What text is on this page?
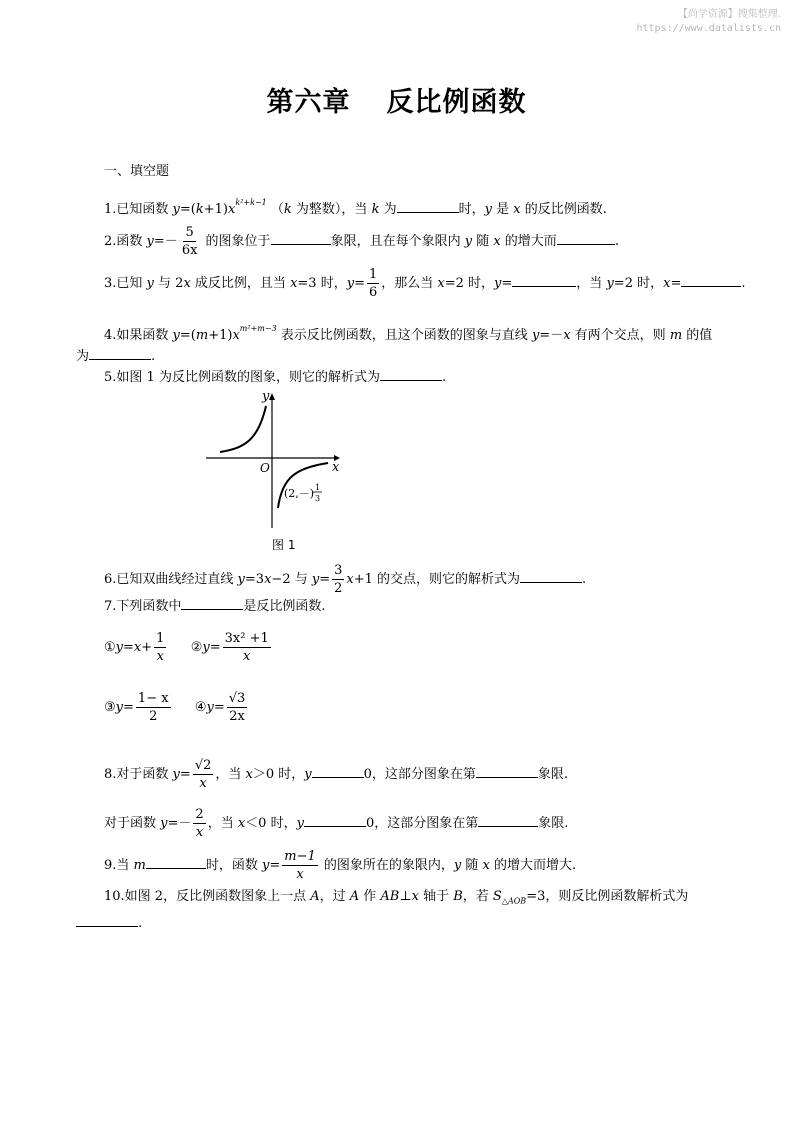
【尚学资源】搜集整理.
https://www.datalists.cn
第六章 反比例函数
一、填空题
1.已知函数 $y=(k+1)x^{k^2+k-1}$ （k 为整数），当 k 为	时，y 是 x 的反比例函数.
2.函数 $y=- \frac{5}{6x}$ 的图象位于	象限，且在每个象限内 y 随 x 的增大而	.
3.已知 y 与 2x 成反比例，且当 x=3 时，$y= \frac{1}{6}$ ，那么当 x=2 时，y=	，当 y=2 时，x=	.
4.如果函数 $y=(m+1)x^{m^2+m-3}$ 表示反比例函数，且这个函数的图象与直线 y=－x 有两个交点，则 m 的值
为	.
5.如图 1 为反比例函数的图象，则它的解析式为	.
y
x
O
(2,－) 1
3
图 1
6.已知双曲线经过直线 y=3x−2 与 $y= \frac{3}{2} x+1$ 的交点，则它的解析式为	.
7.下列函数中	是反比例函数.
①y=x+ $\frac{1}{x}$ ②y= $\frac{\text{3x² +1}}{x}$
③y= $\frac{1- x}{2}$ ④y= $\frac{√3}{2x}$
8.对于函数 $y= \frac{√2}{x}$ ，当 x＞0 时，y	0，这部分图象在第	象限.
对于函数 $y=- \frac{2}{x}$ ，当 x＜0 时，y	0，这部分图象在第	象限.
9.当 m	时，函数 $y= \frac{m-1}{x}$ 的图象所在的象限内，y 随 x 的增大而增大.
10.如图 2，反比例函数图象上一点 A，过 A 作 AB⊥x 轴于 B，若 $S_{\triangle AOB}=3$，则反比例函数解析式为
.
